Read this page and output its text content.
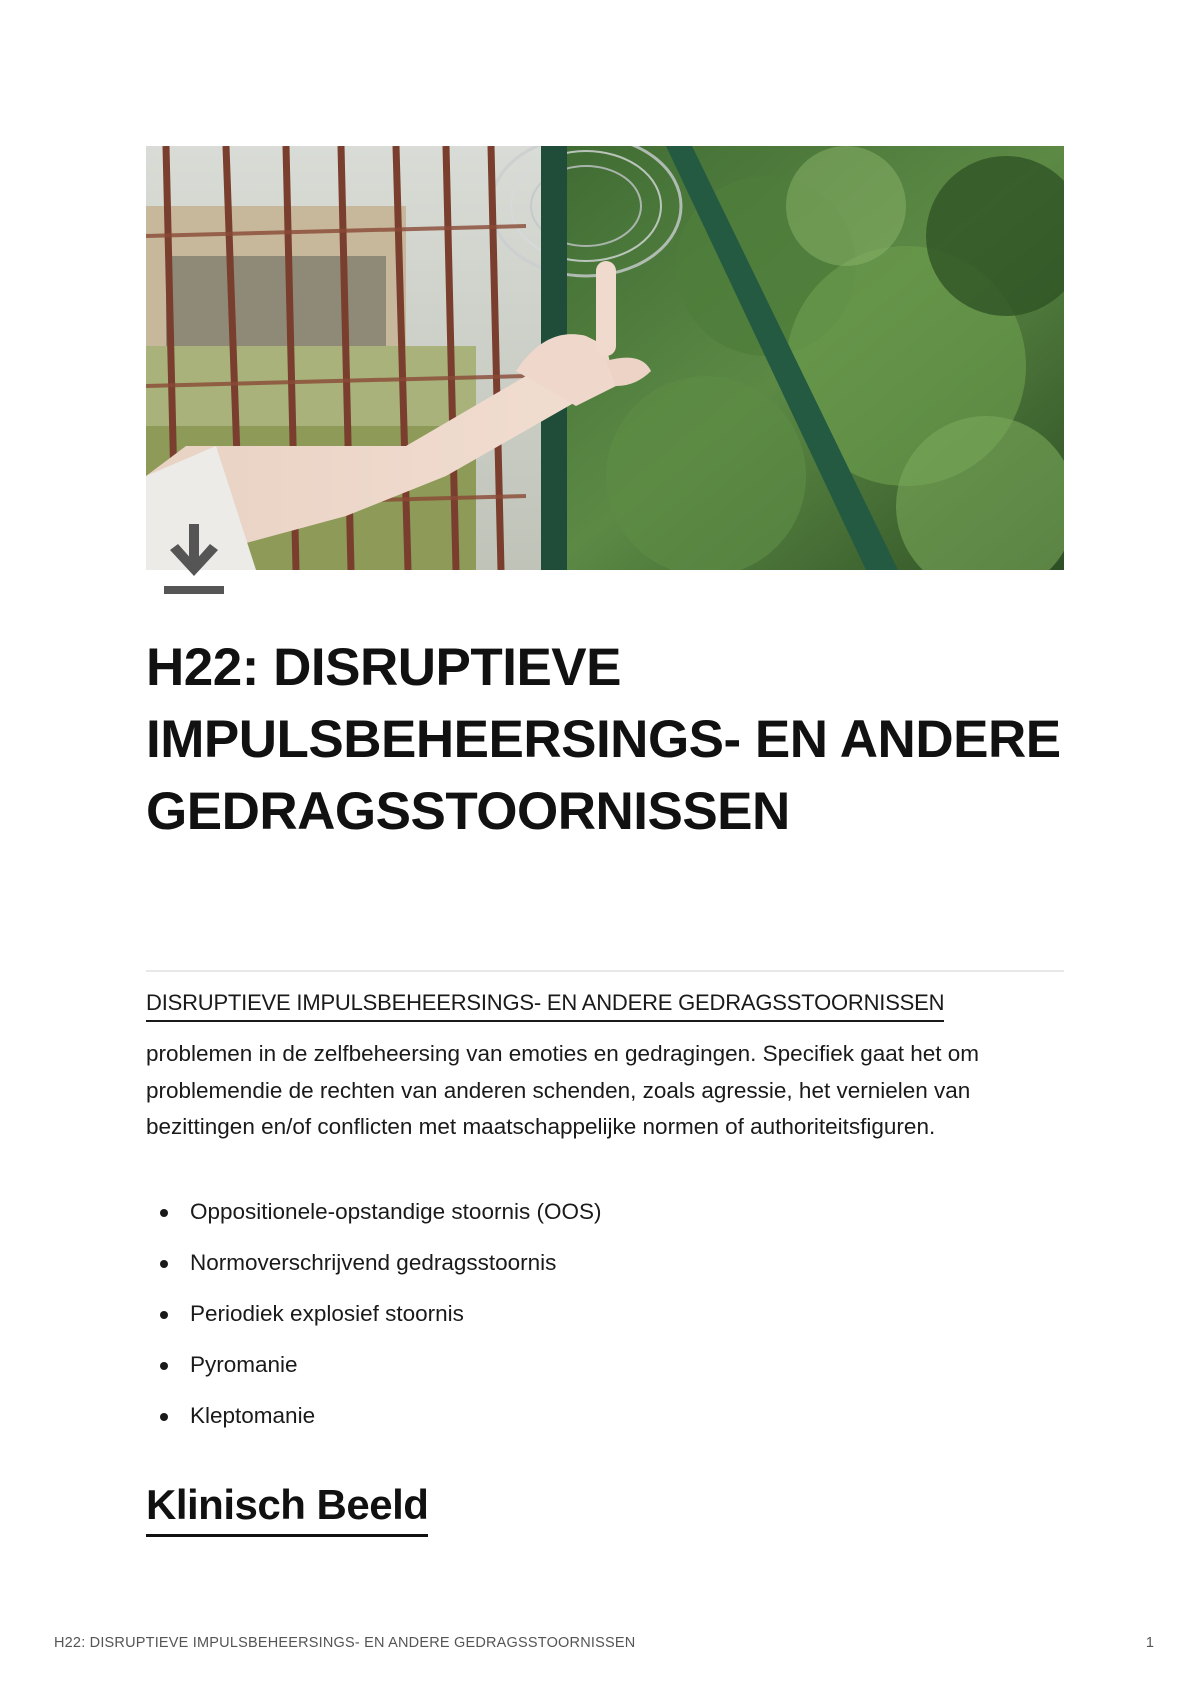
H22: DISRUPTIEVE IMPULSBEHEERSINGS- EN ANDERE GEDRAGSSTOORNISSEN
DISRUPTIEVE IMPULSBEHEERSINGS- EN ANDERE GEDRAGSSTOORNISSEN

problemen in de zelfbeheersing van emoties en gedragingen. Specifiek gaat het om problemendie de rechten van anderen schenden, zoals agressie, het vernielen van bezittingen en/of conflicten met maatschappelijke normen of authoriteitsfiguren.

Oppositionele-opstandige stoornis (OOS)
Normoverschrijvend gedragsstoornis
Periodiek explosief stoornis
Pyromanie
Kleptomanie
Klinisch Beeld
H22: DISRUPTIEVE IMPULSBEHEERSINGS- EN ANDERE GEDRAGSSTOORNISSEN	1
